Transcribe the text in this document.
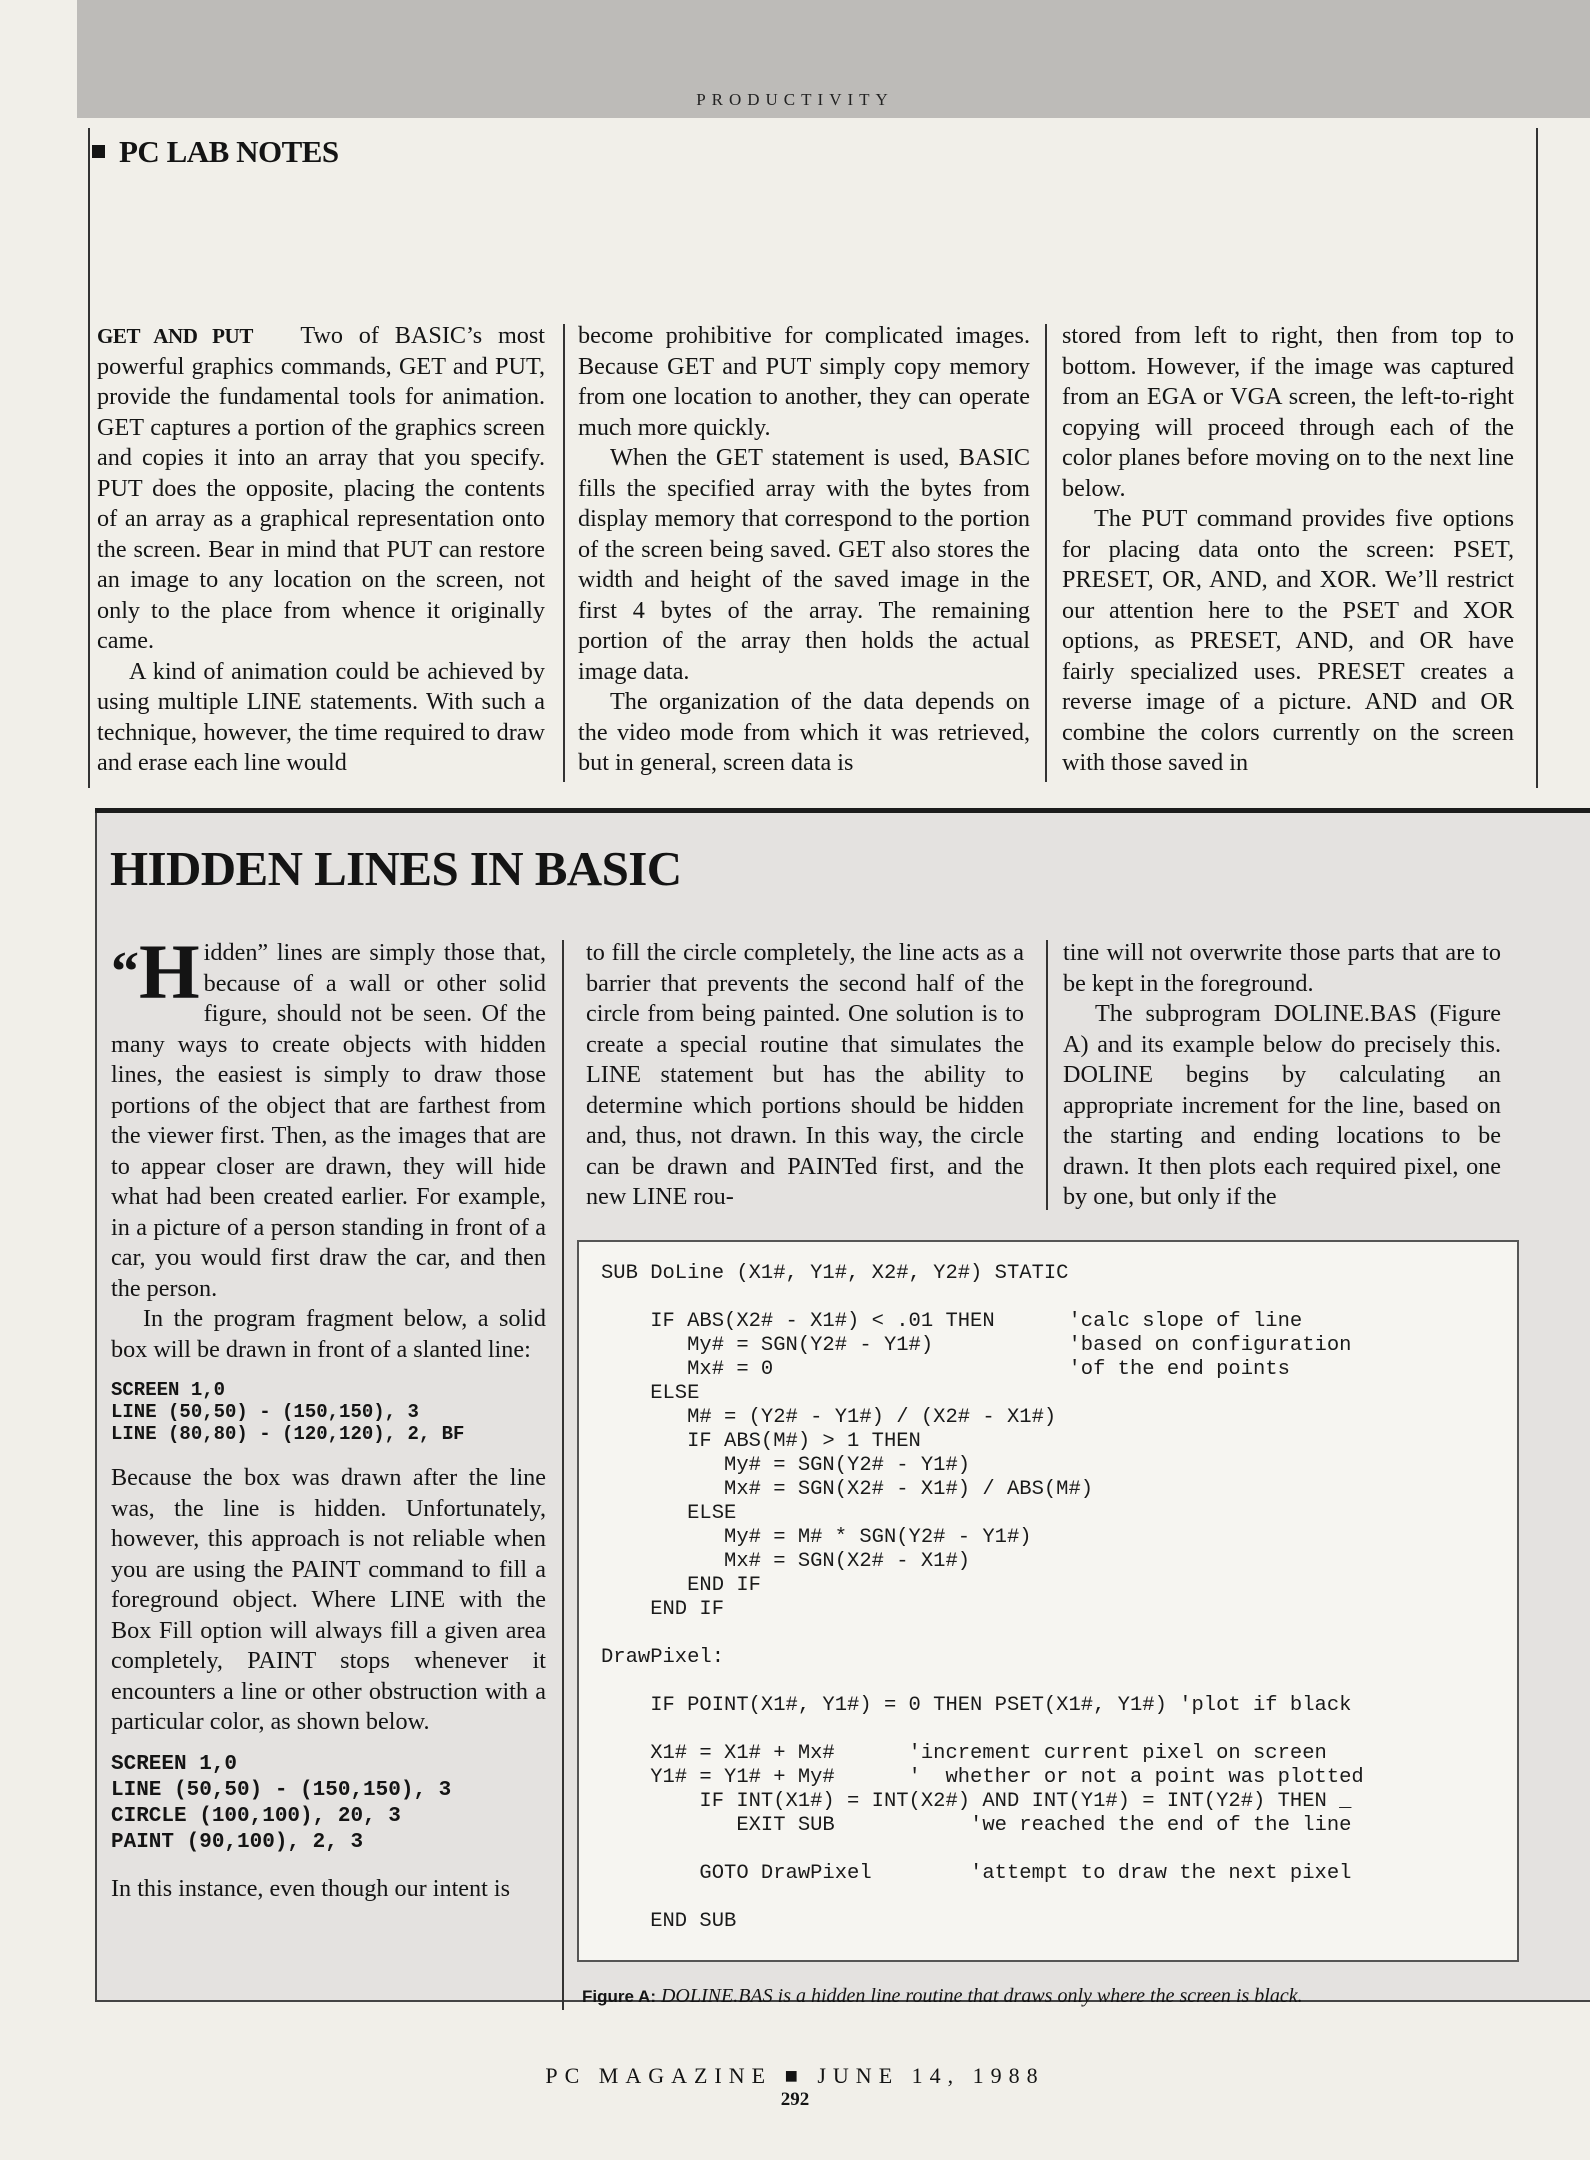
PRODUCTIVITY
PC LAB NOTES

GET AND PUT Two of BASIC’s most powerful graphics commands, GET and PUT, provide the fundamental tools for animation. GET captures a portion of the graphics screen and copies it into an array that you specify. PUT does the opposite, placing the contents of an array as a graphical representation onto the screen. Bear in mind that PUT can restore an image to any location on the screen, not only to the place from whence it originally came.

A kind of animation could be achieved by using multiple LINE statements. With such a technique, however, the time required to draw and erase each line would

become prohibitive for complicated images. Because GET and PUT simply copy memory from one location to another, they can operate much more quickly.

When the GET statement is used, BASIC fills the specified array with the bytes from display memory that correspond to the portion of the screen being saved. GET also stores the width and height of the saved image in the first 4 bytes of the array. The remaining portion of the array then holds the actual image data.

The organization of the data depends on the video mode from which it was retrieved, but in general, screen data is

stored from left to right, then from top to bottom. However, if the image was captured from an EGA or VGA screen, the left-to-right copying will proceed through each of the color planes before moving on to the next line below.

The PUT command provides five options for placing data onto the screen: PSET, PRESET, OR, AND, and XOR. We’ll restrict our attention here to the PSET and XOR options, as PRESET, AND, and OR have fairly specialized uses. PRESET creates a reverse image of a picture. AND and OR combine the colors currently on the screen with those saved in

HIDDEN LINES IN BASIC

“H idden” lines are simply those that, because of a wall or other solid figure, should not be seen. Of the many ways to create objects with hidden lines, the easiest is simply to draw those portions of the object that are farthest from the viewer first. Then, as the images that are to appear closer are drawn, they will hide what had been created earlier. For example, in a picture of a person standing in front of a car, you would first draw the car, and then the person.

In the program fragment below, a solid box will be drawn in front of a slanted line:

SCREEN 1,0
LINE (50,50) - (150,150), 3
LINE (80,80) - (120,120), 2, BF

Because the box was drawn after the line was, the line is hidden. Unfortunately, however, this approach is not reliable when you are using the PAINT command to fill a foreground object. Where LINE with the Box Fill option will always fill a given area completely, PAINT stops whenever it encounters a line or other obstruction with a particular color, as shown below.

SCREEN 1,0
LINE (50,50) - (150,150), 3
CIRCLE (100,100), 20, 3
PAINT (90,100), 2, 3

In this instance, even though our intent is

to fill the circle completely, the line acts as a barrier that prevents the second half of the circle from being painted. One solution is to create a special routine that simulates the LINE statement but has the ability to determine which portions should be hidden and, thus, not drawn. In this way, the circle can be drawn and PAINTed first, and the new LINE rou-

tine will not overwrite those parts that are to be kept in the foreground.

The subprogram DOLINE.BAS (Figure A) and its example below do precisely this. DOLINE begins by calculating an appropriate increment for the line, based on the starting and ending locations to be drawn. It then plots each required pixel, one by one, but only if the

SUB DoLine (X1#, Y1#, X2#, Y2#) STATIC

IF ABS(X2# - X1#) < .01 THEN      'calc slope of line
My# = SGN(Y2# - Y1#)           'based on configuration
Mx# = 0                        'of the end points
ELSE
M# = (Y2# - Y1#) / (X2# - X1#)
IF ABS(M#) > 1 THEN
My# = SGN(Y2# - Y1#)
Mx# = SGN(X2# - X1#) / ABS(M#)
ELSE
My# = M# * SGN(Y2# - Y1#)
Mx# = SGN(X2# - X1#)
END IF
END IF

DrawPixel:

IF POINT(X1#, Y1#) = 0 THEN PSET(X1#, Y1#) 'plot if black

X1# = X1# + Mx#      'increment current pixel on screen
Y1# = Y1# + My#      '  whether or not a point was plotted
IF INT(X1#) = INT(X2#) AND INT(Y1#) = INT(Y2#) THEN _
EXIT SUB           'we reached the end of the line

GOTO DrawPixel        'attempt to draw the next pixel

END SUB
Figure A: DOLINE.BAS is a hidden line routine that draws only where the screen is black.
PC MAGAZINE ■ JUNE 14, 1988
292
